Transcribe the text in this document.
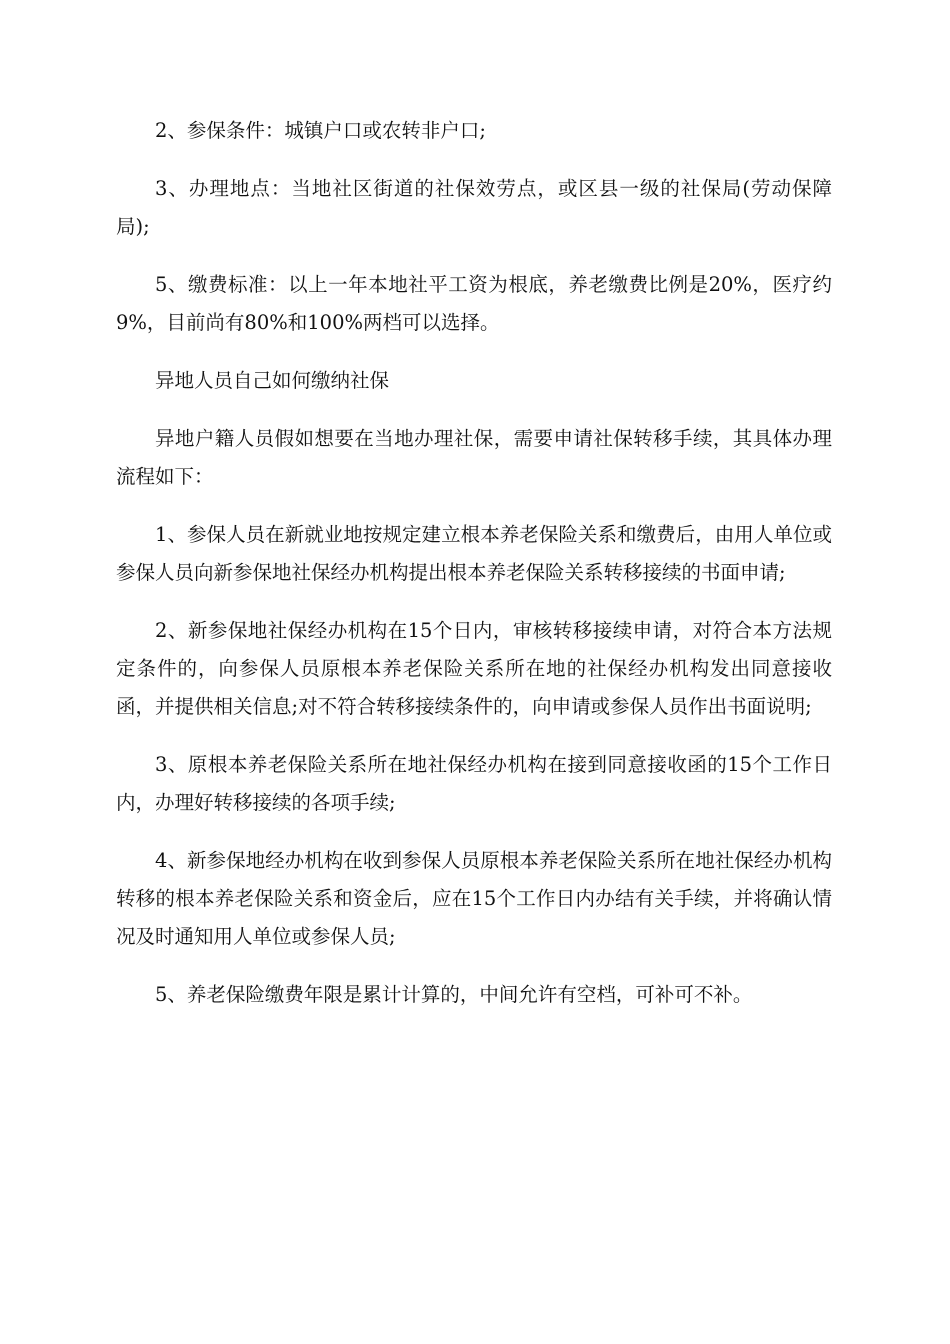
2、参保条件：城镇户口或农转非户口;

3、办理地点：当地社区街道的社保效劳点，或区县一级的社保局(劳动保障局);

5、缴费标准：以上一年本地社平工资为根底，养老缴费比例是20%，医疗约9%，目前尚有80%和100%两档可以选择。

异地人员自己如何缴纳社保

异地户籍人员假如想要在当地办理社保，需要申请社保转移手续，其具体办理流程如下：

1、参保人员在新就业地按规定建立根本养老保险关系和缴费后，由用人单位或参保人员向新参保地社保经办机构提出根本养老保险关系转移接续的书面申请;

2、新参保地社保经办机构在15个日内，审核转移接续申请，对符合本方法规定条件的，向参保人员原根本养老保险关系所在地的社保经办机构发出同意接收函，并提供相关信息;对不符合转移接续条件的，向申请或参保人员作出书面说明;

3、原根本养老保险关系所在地社保经办机构在接到同意接收函的15个工作日内，办理好转移接续的各项手续;

4、新参保地经办机构在收到参保人员原根本养老保险关系所在地社保经办机构转移的根本养老保险关系和资金后，应在15个工作日内办结有关手续，并将确认情况及时通知用人单位或参保人员;

5、养老保险缴费年限是累计计算的，中间允许有空档，可补可不补。
